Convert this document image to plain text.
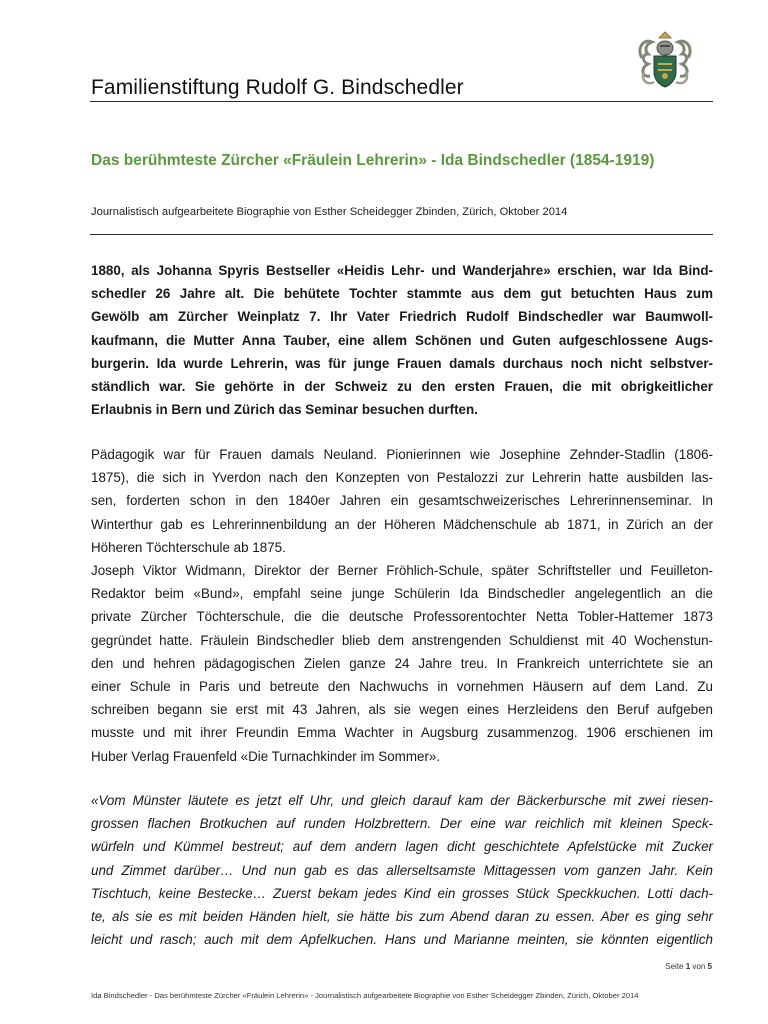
Familienstiftung Rudolf G. Bindschedler
Das berühmteste Zürcher «Fräulein Lehrerin» - Ida Bindschedler (1854-1919)
Journalistisch aufgearbeitete Biographie von Esther Scheidegger Zbinden, Zürich, Oktober 2014
1880, als Johanna Spyris Bestseller «Heidis Lehr- und Wanderjahre» erschien, war Ida Bind-
schedler 26 Jahre alt. Die behütete Tochter stammte aus dem gut betuchten Haus zum
Gewölb am Zürcher Weinplatz 7. Ihr Vater Friedrich Rudolf Bindschedler war Baumwoll-
kaufmann, die Mutter Anna Tauber, eine allem Schönen und Guten aufgeschlossene Augs-
burgerin. Ida wurde Lehrerin, was für junge Frauen damals durchaus noch nicht selbstver-
ständlich war. Sie gehörte in der Schweiz zu den ersten Frauen, die mit obrigkeitlicher
Erlaubnis in Bern und Zürich das Seminar besuchen durften.
Pädagogik war für Frauen damals Neuland. Pionierinnen wie Josephine Zehnder-Stadlin (1806-
1875), die sich in Yverdon nach den Konzepten von Pestalozzi zur Lehrerin hatte ausbilden las-
sen, forderten schon in den 1840er Jahren ein gesamtschweizerisches Lehrerinnenseminar. In
Winterthur gab es Lehrerinnenbildung an der Höheren Mädchenschule ab 1871, in Zürich an der
Höheren Töchterschule ab 1875.
Joseph Viktor Widmann, Direktor der Berner Fröhlich-Schule, später Schriftsteller und Feuilleton-
Redaktor beim «Bund», empfahl seine junge Schülerin Ida Bindschedler angelegentlich an die
private Zürcher Töchterschule, die die deutsche Professorentochter Netta Tobler-Hattemer 1873
gegründet hatte. Fräulein Bindschedler blieb dem anstrengenden Schuldienst mit 40 Wochenstun-
den und hehren pädagogischen Zielen ganze 24 Jahre treu. In Frankreich unterrichtete sie an
einer Schule in Paris und betreute den Nachwuchs in vornehmen Häusern auf dem Land. Zu
schreiben begann sie erst mit 43 Jahren, als sie wegen eines Herzleidens den Beruf aufgeben
musste und mit ihrer Freundin Emma Wachter in Augsburg zusammenzog. 1906 erschienen im
Huber Verlag Frauenfeld «Die Turnachkinder im Sommer».
«Vom Münster läutete es jetzt elf Uhr, und gleich darauf kam der Bäckerbursche mit zwei riesen-
grossen flachen Brotkuchen auf runden Holzbrettern. Der eine war reichlich mit kleinen Speck-
würfeln und Kümmel bestreut; auf dem andern lagen dicht geschichtete Apfelstücke mit Zucker
und Zimmet darüber… Und nun gab es das allerseltsamste Mittagessen vom ganzen Jahr. Kein
Tischtuch, keine Bestecke… Zuerst bekam jedes Kind ein grosses Stück Speckkuchen. Lotti dach-
te, als sie es mit beiden Händen hielt, sie hätte bis zum Abend daran zu essen. Aber es ging sehr
leicht und rasch; auch mit dem Apfelkuchen. Hans und Marianne meinten, sie könnten eigentlich
Seite 1 von 5
Ida Bindschedler - Das berühmteste Zürcher «Fräulein Lehrerin» - Journalistisch aufgearbeitete Biographie von Esther Scheidegger Zbinden, Zürich, Oktober 2014
